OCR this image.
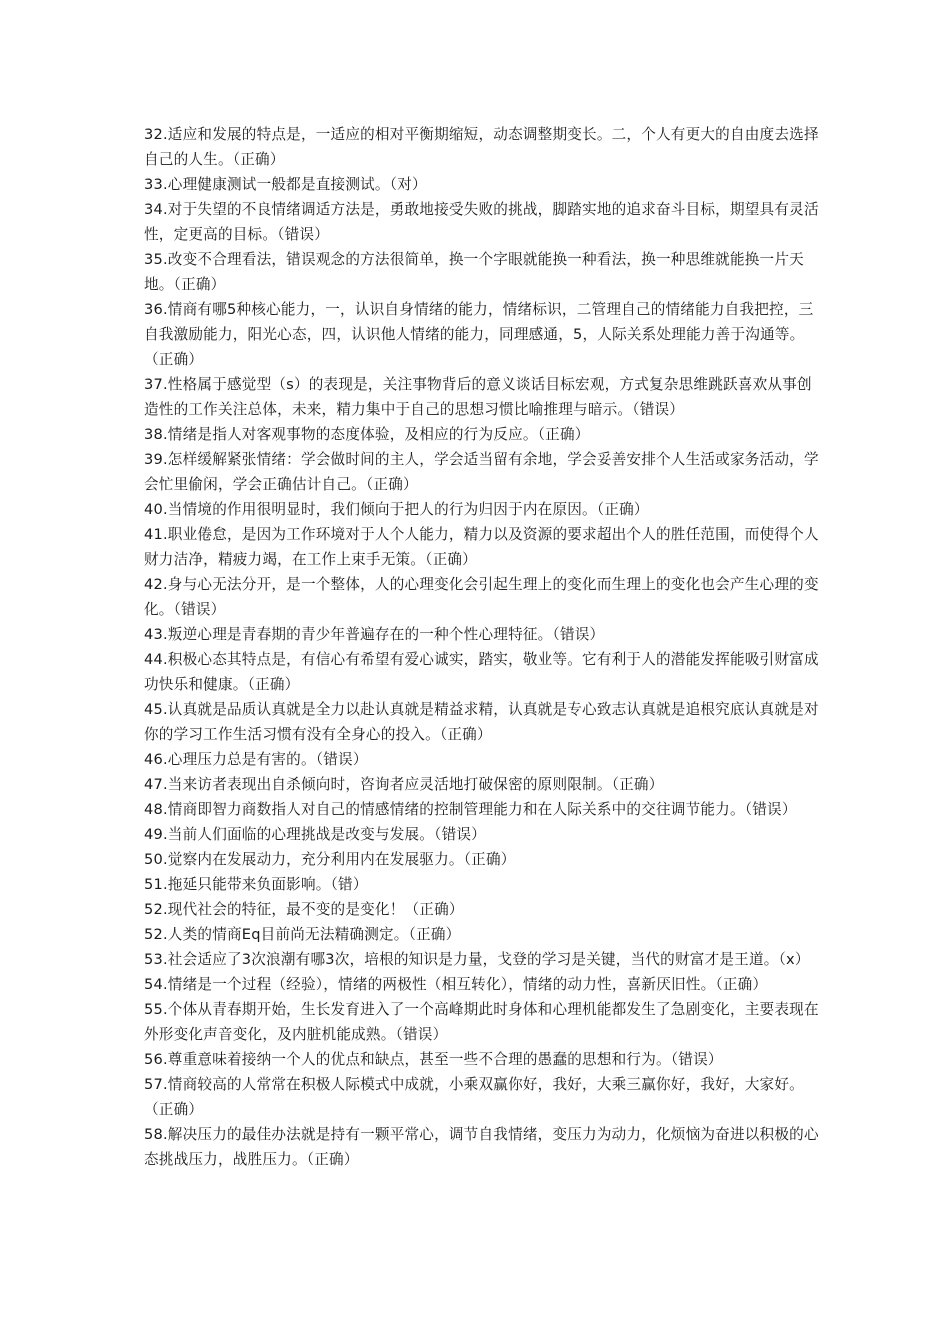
32.适应和发展的特点是，一适应的相对平衡期缩短，动态调整期变长。二，个人有更大的自由度去选择自己的人生。（正确）

33.心理健康测试一般都是直接测试。（对）

34.对于失望的不良情绪调适方法是，勇敢地接受失败的挑战，脚踏实地的追求奋斗目标，期望具有灵活性，定更高的目标。（错误）

35.改变不合理看法，错误观念的方法很简单，换一个字眼就能换一种看法，换一种思维就能换一片天地。（正确）

36.情商有哪5种核心能力，一，认识自身情绪的能力，情绪标识，二管理自己的情绪能力自我把控，三自我激励能力，阳光心态，四，认识他人情绪的能力，同理感通，5，人际关系处理能力善于沟通等。（正确）

37.性格属于感觉型（s）的表现是，关注事物背后的意义谈话目标宏观，方式复杂思维跳跃喜欢从事创造性的工作关注总体，未来，精力集中于自己的思想习惯比喻推理与暗示。（错误）

38.情绪是指人对客观事物的态度体验，及相应的行为反应。（正确）

39.怎样缓解紧张情绪：学会做时间的主人，学会适当留有余地，学会妥善安排个人生活或家务活动，学会忙里偷闲，学会正确估计自己。（正确）

40.当情境的作用很明显时，我们倾向于把人的行为归因于内在原因。（正确）

41.职业倦怠，是因为工作环境对于人个人能力，精力以及资源的要求超出个人的胜任范围，而使得个人财力洁净，精疲力竭，在工作上束手无策。（正确）

42.身与心无法分开，是一个整体，人的心理变化会引起生理上的变化而生理上的变化也会产生心理的变化。（错误）

43.叛逆心理是青春期的青少年普遍存在的一种个性心理特征。（错误）

44.积极心态其特点是，有信心有希望有爱心诚实，踏实，敬业等。它有利于人的潜能发挥能吸引财富成功快乐和健康。（正确）

45.认真就是品质认真就是全力以赴认真就是精益求精，认真就是专心致志认真就是追根究底认真就是对你的学习工作生活习惯有没有全身心的投入。（正确）

46.心理压力总是有害的。（错误）

47.当来访者表现出自杀倾向时，咨询者应灵活地打破保密的原则限制。（正确）

48.情商即智力商数指人对自己的情感情绪的控制管理能力和在人际关系中的交往调节能力。（错误）

49.当前人们面临的心理挑战是改变与发展。（错误）

50.觉察内在发展动力，充分利用内在发展驱力。（正确）

51.拖延只能带来负面影响。（错）

52.现代社会的特征，最不变的是变化！（正确）

52.人类的情商Eq目前尚无法精确测定。（正确）

53.社会适应了3次浪潮有哪3次，培根的知识是力量，戈登的学习是关键，当代的财富才是王道。（x）

54.情绪是一个过程（经验），情绪的两极性（相互转化），情绪的动力性，喜新厌旧性。（正确）

55.个体从青春期开始，生长发育进入了一个高峰期此时身体和心理机能都发生了急剧变化，主要表现在外形变化声音变化，及内脏机能成熟。（错误）

56.尊重意味着接纳一个人的优点和缺点，甚至一些不合理的愚蠢的思想和行为。（错误）

57.情商较高的人常常在积极人际模式中成就，小乘双赢你好，我好，大乘三赢你好，我好，大家好。（正确）

58.解决压力的最佳办法就是持有一颗平常心，调节自我情绪，变压力为动力，化烦恼为奋进以积极的心态挑战压力，战胜压力。（正确）
